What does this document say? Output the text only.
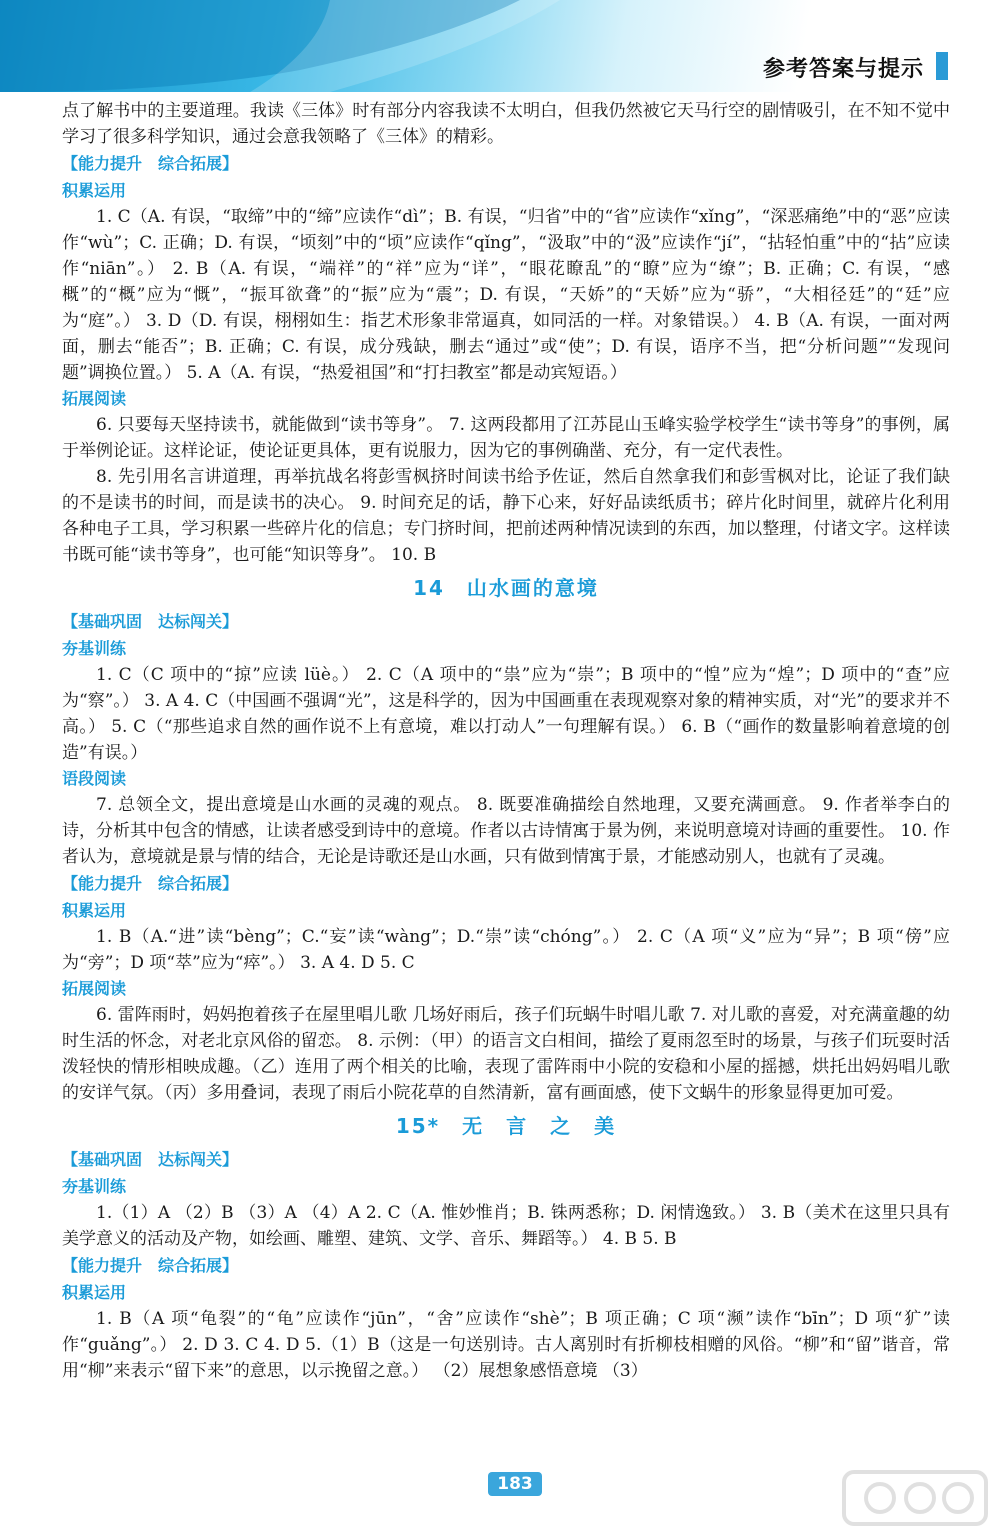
参考答案与提示

点了解书中的主要道理。我读《三体》时有部分内容我读不太明白，但我仍然被它天马行空的剧情吸引，在不知不觉中学习了很多科学知识，通过会意我领略了《三体》的精彩。

【能力提升　综合拓展】
积累运用

1. C（A. 有误，“取缔”中的“缔”应读作“dì”；B. 有误，“归省”中的“省”应读作“xǐng”，“深恶痛绝”中的“恶”应读作“wù”；C. 正确；D. 有误，“顷刻”中的“顷”应读作“qǐng”，“汲取”中的“汲”应读作“jí”，“拈轻怕重”中的“拈”应读作“niān”。） 2. B（A. 有误，“端祥”的“祥”应为“详”，“眼花瞭乱”的“瞭”应为“缭”；B. 正确；C. 有误，“感概”的“概”应为“慨”，“振耳欲聋”的“振”应为“震”；D. 有误，“天娇”的“天娇”应为“骄”，“大相径廷”的“廷”应为“庭”。） 3. D（D. 有误，栩栩如生：指艺术形象非常逼真，如同活的一样。对象错误。） 4. B（A. 有误，一面对两面，删去“能否”；B. 正确；C. 有误，成分残缺，删去“通过”或“使”；D. 有误，语序不当，把“分析问题”“发现问题”调换位置。） 5. A（A. 有误，“热爱祖国”和“打扫教室”都是动宾短语。）

拓展阅读

6. 只要每天坚持读书，就能做到“读书等身”。 7. 这两段都用了江苏昆山玉峰实验学校学生“读书等身”的事例，属于举例论证。这样论证，使论证更具体，更有说服力，因为它的事例确凿、充分，有一定代表性。

8. 先引用名言讲道理，再举抗战名将彭雪枫挤时间读书给予佐证，然后自然拿我们和彭雪枫对比，论证了我们缺的不是读书的时间，而是读书的决心。 9. 时间充足的话，静下心来，好好品读纸质书；碎片化时间里，就碎片化利用各种电子工具，学习积累一些碎片化的信息；专门挤时间，把前述两种情况读到的东西，加以整理，付诸文字。这样读书既可能“读书等身”，也可能“知识等身”。 10. B

14　山水画的意境
【基础巩固　达标闯关】
夯基训练

1. C（C 项中的“掠”应读 lüè。） 2. C（A 项中的“祟”应为“崇”；B 项中的“惶”应为“煌”；D 项中的“查”应为“察”。） 3. A 4. C（中国画不强调“光”，这是科学的，因为中国画重在表现观察对象的精神实质，对“光”的要求并不高。） 5. C（“那些追求自然的画作说不上有意境，难以打动人”一句理解有误。） 6. B（“画作的数量影响着意境的创造”有误。）

语段阅读

7. 总领全文，提出意境是山水画的灵魂的观点。 8. 既要准确描绘自然地理，又要充满画意。 9. 作者举李白的诗，分析其中包含的情感，让读者感受到诗中的意境。作者以古诗情寓于景为例，来说明意境对诗画的重要性。 10. 作者认为，意境就是景与情的结合，无论是诗歌还是山水画，只有做到情寓于景，才能感动别人，也就有了灵魂。

【能力提升　综合拓展】
积累运用

1. B（A.“进”读“bèng”；C.“妄”读“wàng”；D.“崇”读“chóng”。） 2. C（A 项“义”应为“异”；B 项“傍”应为“旁”；D 项“萃”应为“瘁”。） 3. A 4. D 5. C

拓展阅读

6. 雷阵雨时，妈妈抱着孩子在屋里唱儿歌 几场好雨后，孩子们玩蜗牛时唱儿歌 7. 对儿歌的喜爱，对充满童趣的幼时生活的怀念，对老北京风俗的留恋。 8. 示例：（甲）的语言文白相间，描绘了夏雨忽至时的场景，与孩子们玩耍时活泼轻快的情形相映成趣。（乙）连用了两个相关的比喻，表现了雷阵雨中小院的安稳和小屋的摇撼，烘托出妈妈唱儿歌的安详气氛。（丙）多用叠词，表现了雨后小院花草的自然清新，富有画面感，使下文蜗牛的形象显得更加可爱。

15*　无　言　之　美
【基础巩固　达标闯关】
夯基训练

1.（1）A （2）B （3）A （4）A 2. C（A. 惟妙惟肖；B. 铢两悉称；D. 闲情逸致。） 3. B（美术在这里只具有美学意义的活动及产物，如绘画、雕塑、建筑、文学、音乐、舞蹈等。） 4. B 5. B

【能力提升　综合拓展】
积累运用

1. B（A 项“龟裂”的“龟”应读作“jūn”，“舍”应读作“shè”；B 项正确；C 项“濒”读作“bīn”；D 项“犷”读作“guǎng”。） 2. D 3. C 4. D 5.（1）B（这是一句送别诗。古人离别时有折柳枝相赠的风俗。“柳”和“留”谐音，常用“柳”来表示“留下来”的意思，以示挽留之意。） （2）展想象感悟意境 （3）

183
